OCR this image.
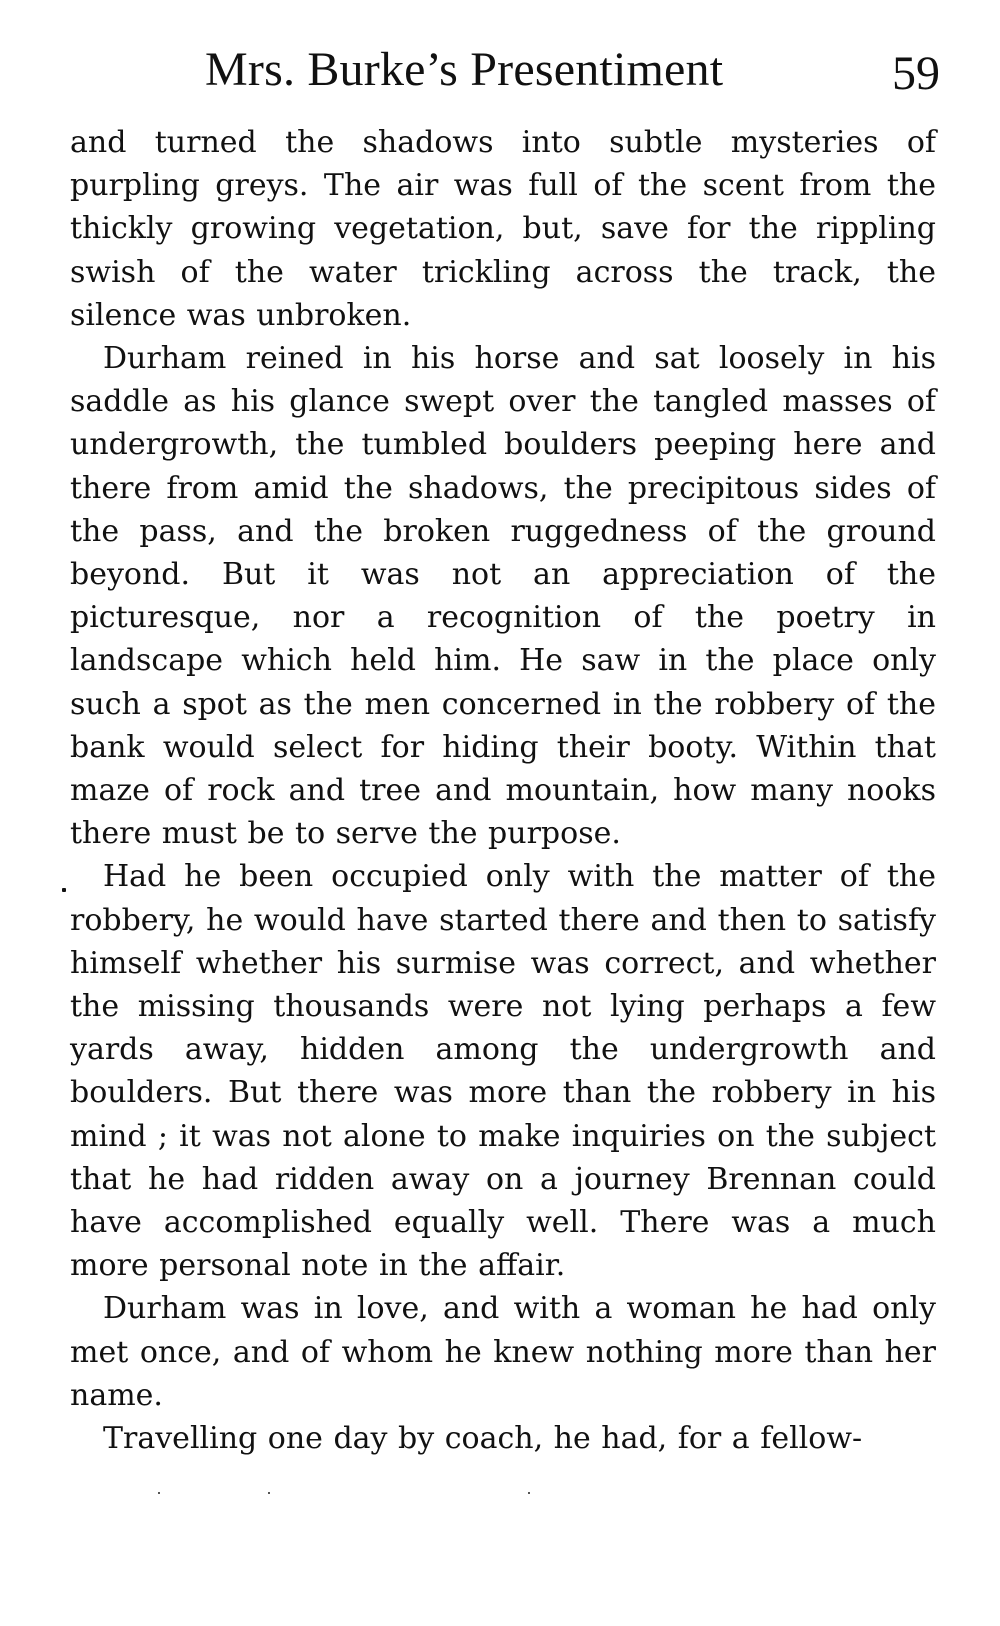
Mrs. Burke’s Presentiment	59

and turned the shadows into subtle mysteries of purpling greys. The air was full of the scent from the thickly growing vegetation, but, save for the rippling swish of the water trickling across the track, the silence was unbroken.

Durham reined in his horse and sat loosely in his saddle as his glance swept over the tangled masses of undergrowth, the tumbled boulders peeping here and there from amid the shadows, the precipitous sides of the pass, and the broken ruggedness of the ground beyond. But it was not an appreciation of the picturesque, nor a recognition of the poetry in landscape which held him. He saw in the place only such a spot as the men concerned in the robbery of the bank would select for hiding their booty. Within that maze of rock and tree and mountain, how many nooks there must be to serve the purpose.

Had he been occupied only with the matter of the robbery, he would have started there and then to satisfy himself whether his surmise was correct, and whether the missing thousands were not lying perhaps a few yards away, hidden among the undergrowth and boulders. But there was more than the robbery in his mind ; it was not alone to make inquiries on the subject that he had ridden away on a journey Brennan could have accomplished equally well. There was a much more personal note in the affair.

Durham was in love, and with a woman he had only met once, and of whom he knew nothing more than her name.

Travelling one day by coach, he had, for a fellow-
